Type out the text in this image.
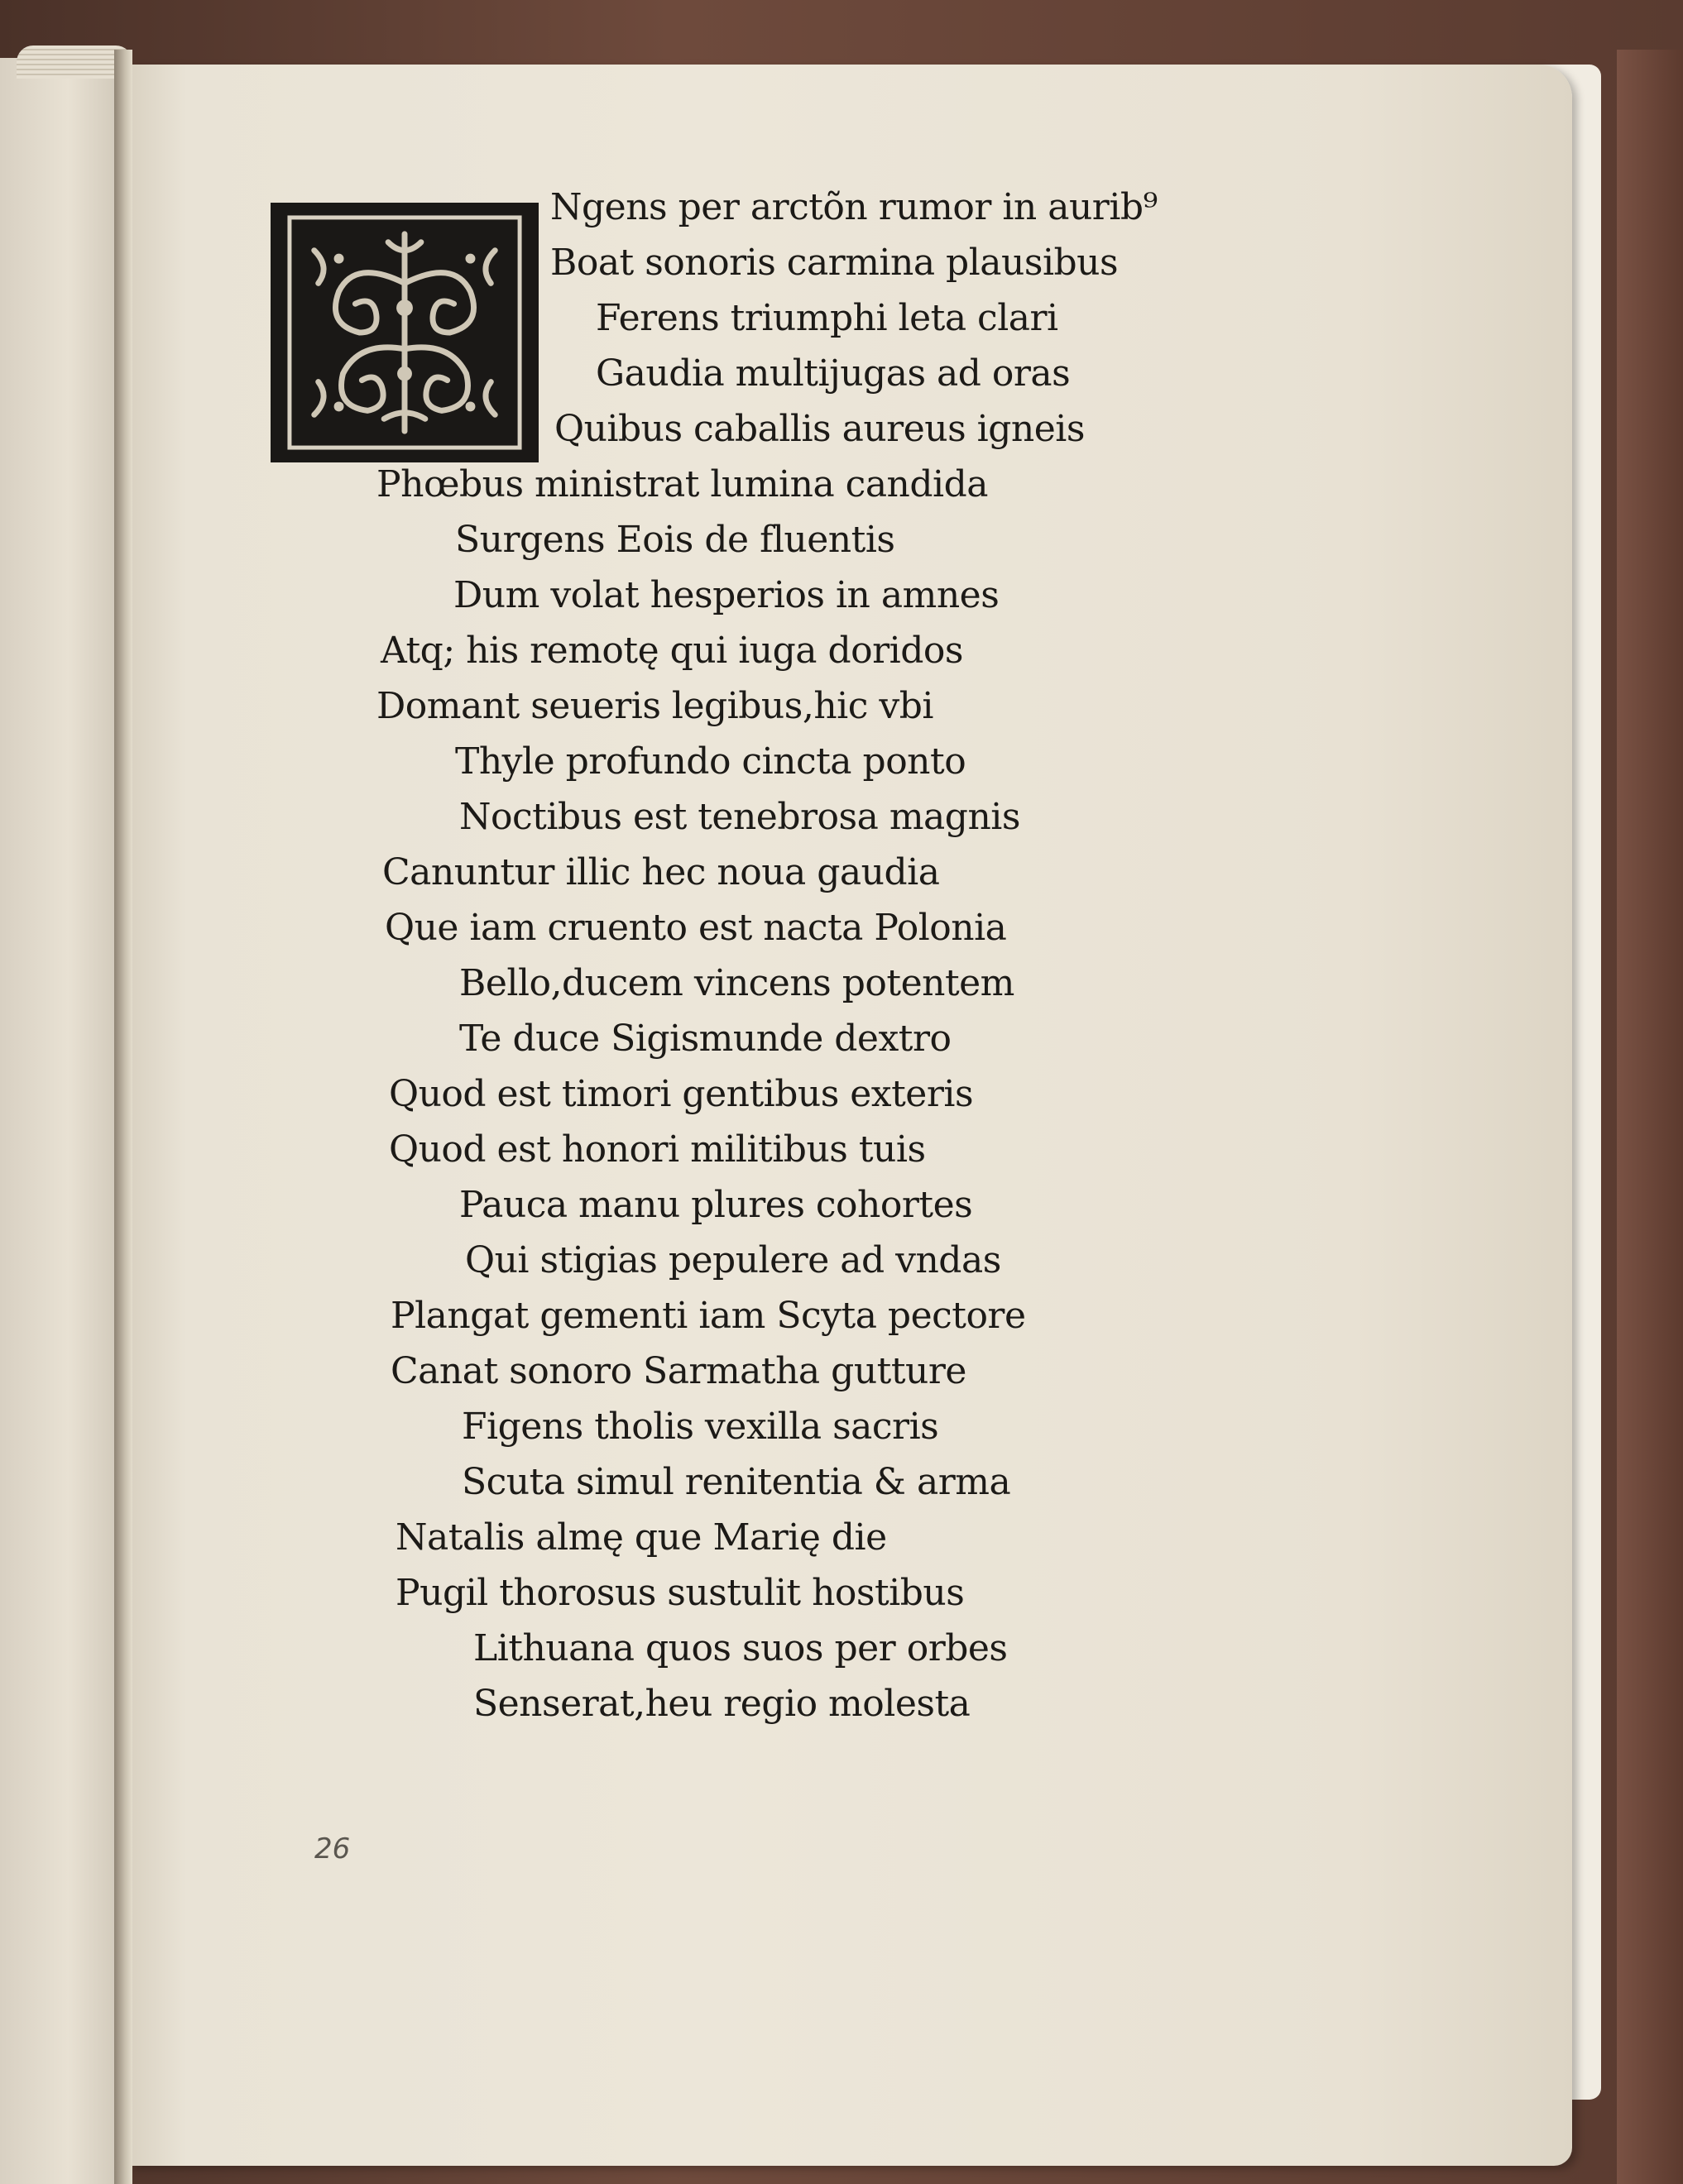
Ngens per arctõn rumor in aurib⁹
Boat sonoris carmina plausibus
Ferens triumphi leta clari
Gaudia multijugas ad oras
Quibus caballis aureus igneis
Phœbus ministrat lumina candida
Surgens Eois de fluentis
Dum volat hesperios in amnes
Atq; his remotę qui iuga doridos
Domant seueris legibus,hic vbi
Thyle profundo cincta ponto
Noctibus est tenebrosa magnis
Canuntur illic hec noua gaudia
Que iam cruento est nacta Polonia
Bello,ducem vincens potentem
Te duce Sigismunde dextro
Quod est timori gentibus exteris
Quod est honori militibus tuis
Pauca manu plures cohortes
Qui stigias pepulere ad vndas
Plangat gementi iam Scyta pectore
Canat sonoro Sarmatha gutture
Figens tholis vexilla sacris
Scuta simul renitentia & arma
Natalis almę que Marię die
Pugil thorosus sustulit hostibus
Lithuana quos suos per orbes
Senserat,heu regio molesta
26
